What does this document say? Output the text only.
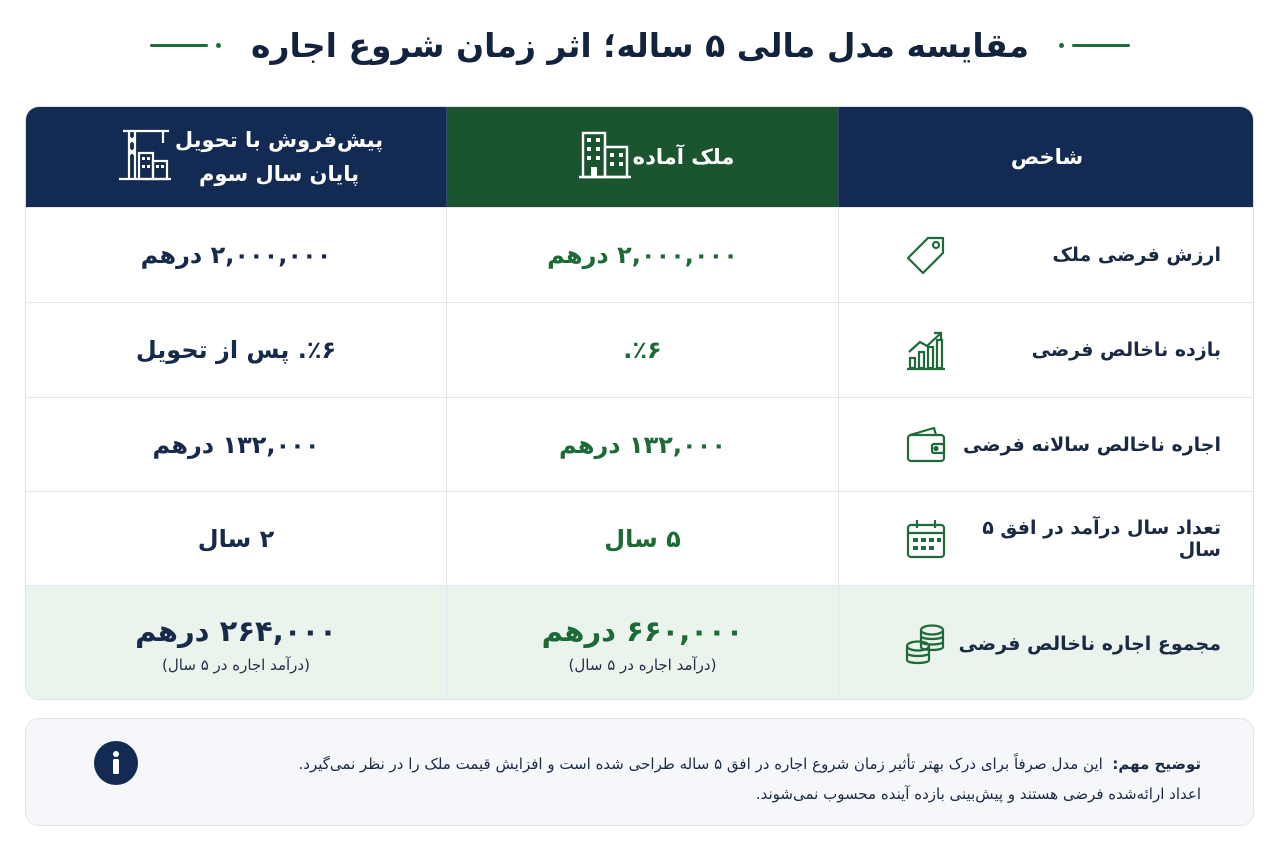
مقایسه مدل مالی ۵ ساله؛ اثر زمان شروع اجاره
شاخص
ملک آماده
پیش‌فروش با تحویل
پایان سال سوم
ارزش فرضی ملک
۲,۰۰۰,۰۰۰ درهم
۲,۰۰۰,۰۰۰ درهم
بازده ناخالص فرضی
٪۶.
٪۶. پس از تحویل
اجاره ناخالص سالانه فرضی
۱۳۲,۰۰۰ درهم
۱۳۲,۰۰۰ درهم
تعداد سال درآمد در افق ۵ سال
۵ سال
۲ سال
مجموع اجاره ناخالص فرضی
۶۶۰,۰۰۰ درهم
(درآمد اجاره در ۵ سال)
۲۶۴,۰۰۰ درهم
(درآمد اجاره در ۵ سال)
توضیح مهم:  این مدل صرفاً برای درک بهتر تأثیر زمان شروع اجاره در افق ۵ ساله طراحی شده است و افزایش قیمت ملک را در نظر نمی‌گیرد.
اعداد ارائه‌شده فرضی هستند و پیش‌بینی بازده آینده محسوب نمی‌شوند.
